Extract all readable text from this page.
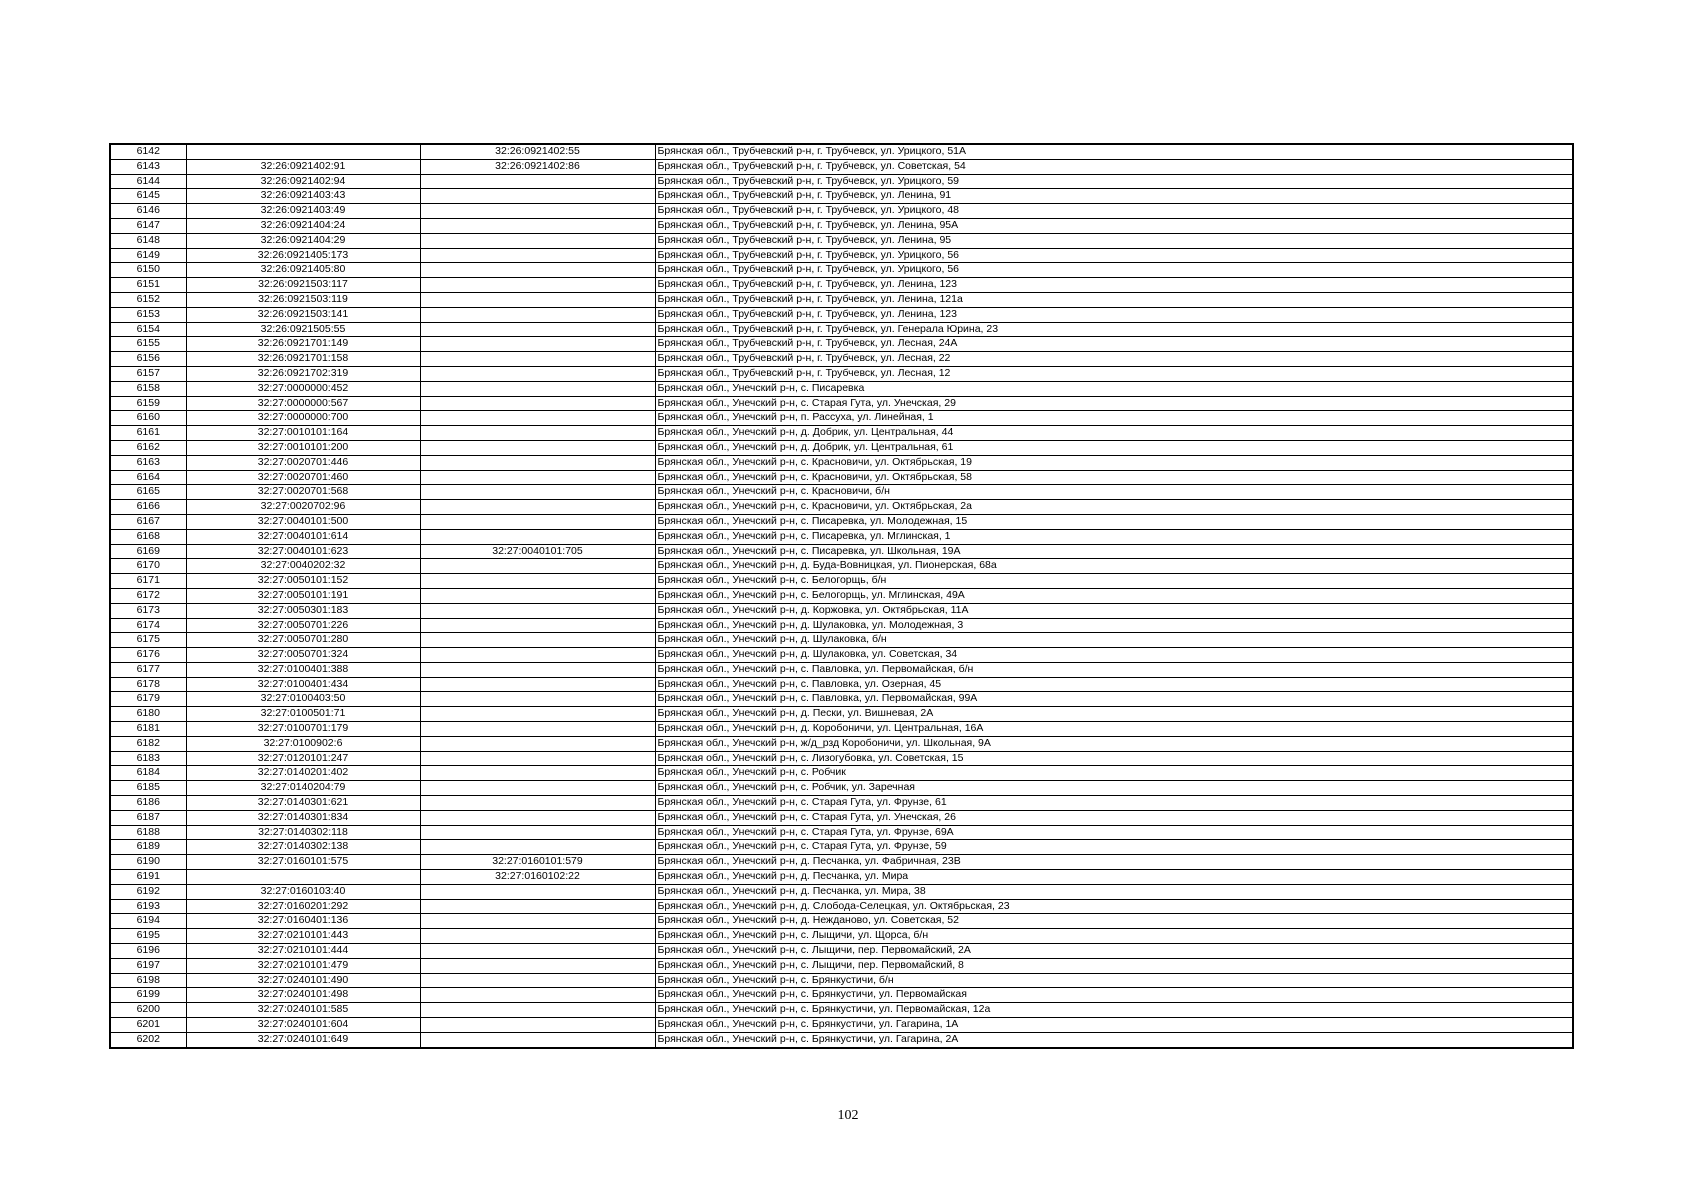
6142		32:26:0921402:55	Брянская обл., Трубчевский р-н, г. Трубчевск, ул. Урицкого, 51А
6143	32:26:0921402:91	32:26:0921402:86	Брянская обл., Трубчевский р-н, г. Трубчевск, ул. Советская, 54
6144	32:26:0921402:94		Брянская обл., Трубчевский р-н, г. Трубчевск, ул. Урицкого, 59
6145	32:26:0921403:43		Брянская обл., Трубчевский р-н, г. Трубчевск, ул. Ленина, 91
6146	32:26:0921403:49		Брянская обл., Трубчевский р-н, г. Трубчевск, ул. Урицкого, 48
6147	32:26:0921404:24		Брянская обл., Трубчевский р-н, г. Трубчевск, ул. Ленина, 95А
6148	32:26:0921404:29		Брянская обл., Трубчевский р-н, г. Трубчевск, ул. Ленина, 95
6149	32:26:0921405:173		Брянская обл., Трубчевский р-н, г. Трубчевск, ул. Урицкого, 56
6150	32:26:0921405:80		Брянская обл., Трубчевский р-н, г. Трубчевск, ул. Урицкого, 56
6151	32:26:0921503:117		Брянская обл., Трубчевский р-н, г. Трубчевск, ул. Ленина, 123
6152	32:26:0921503:119		Брянская обл., Трубчевский р-н, г. Трубчевск, ул. Ленина, 121а
6153	32:26:0921503:141		Брянская обл., Трубчевский р-н, г. Трубчевск, ул. Ленина, 123
6154	32:26:0921505:55		Брянская обл., Трубчевский р-н, г. Трубчевск, ул. Генерала Юрина, 23
6155	32:26:0921701:149		Брянская обл., Трубчевский р-н, г. Трубчевск, ул. Лесная, 24А
6156	32:26:0921701:158		Брянская обл., Трубчевский р-н, г. Трубчевск, ул. Лесная, 22
6157	32:26:0921702:319		Брянская обл., Трубчевский р-н, г. Трубчевск, ул. Лесная, 12
6158	32:27:0000000:452		Брянская обл., Унечский р-н, с. Писаревка
6159	32:27:0000000:567		Брянская обл., Унечский р-н, с. Старая Гута, ул. Унечская, 29
6160	32:27:0000000:700		Брянская обл., Унечский р-н, п. Рассуха, ул. Линейная, 1
6161	32:27:0010101:164		Брянская обл., Унечский р-н, д. Добрик, ул. Центральная, 44
6162	32:27:0010101:200		Брянская обл., Унечский р-н, д. Добрик, ул. Центральная, 61
6163	32:27:0020701:446		Брянская обл., Унечский р-н, с. Красновичи, ул. Октябрьская, 19
6164	32:27:0020701:460		Брянская обл., Унечский р-н, с. Красновичи, ул. Октябрьская, 58
6165	32:27:0020701:568		Брянская обл., Унечский р-н, с. Красновичи, б/н
6166	32:27:0020702:96		Брянская обл., Унечский р-н, с. Красновичи, ул. Октябрьская, 2а
6167	32:27:0040101:500		Брянская обл., Унечский р-н, с. Писаревка, ул. Молодежная, 15
6168	32:27:0040101:614		Брянская обл., Унечский р-н, с. Писаревка, ул. Мглинская, 1
6169	32:27:0040101:623	32:27:0040101:705	Брянская обл., Унечский р-н, с. Писаревка, ул. Школьная, 19А
6170	32:27:0040202:32		Брянская обл., Унечский р-н, д. Буда-Вовницкая, ул. Пионерская, 68а
6171	32:27:0050101:152		Брянская обл., Унечский р-н, с. Белогорщь, б/н
6172	32:27:0050101:191		Брянская обл., Унечский р-н, с. Белогорщь, ул. Мглинская, 49А
6173	32:27:0050301:183		Брянская обл., Унечский р-н, д. Коржовка, ул. Октябрьская, 11А
6174	32:27:0050701:226		Брянская обл., Унечский р-н, д. Шулаковка, ул. Молодежная, 3
6175	32:27:0050701:280		Брянская обл., Унечский р-н, д. Шулаковка, б/н
6176	32:27:0050701:324		Брянская обл., Унечский р-н, д. Шулаковка, ул. Советская, 34
6177	32:27:0100401:388		Брянская обл., Унечский р-н, с. Павловка, ул. Первомайская, б/н
6178	32:27:0100401:434		Брянская обл., Унечский р-н, с. Павловка, ул. Озерная, 45
6179	32:27:0100403:50		Брянская обл., Унечский р-н, с. Павловка, ул. Первомайская, 99А
6180	32:27:0100501:71		Брянская обл., Унечский р-н, д. Пески, ул. Вишневая, 2А
6181	32:27:0100701:179		Брянская обл., Унечский р-н, д. Коробоничи, ул. Центральная, 16А
6182	32:27:0100902:6		Брянская обл., Унечский р-н, ж/д_рзд Коробоничи, ул. Школьная, 9А
6183	32:27:0120101:247		Брянская обл., Унечский р-н, с. Лизогубовка, ул. Советская, 15
6184	32:27:0140201:402		Брянская обл., Унечский р-н, с. Робчик
6185	32:27:0140204:79		Брянская обл., Унечский р-н, с. Робчик, ул. Заречная
6186	32:27:0140301:621		Брянская обл., Унечский р-н, с. Старая Гута, ул. Фрунзе, 61
6187	32:27:0140301:834		Брянская обл., Унечский р-н, с. Старая Гута, ул. Унечская, 26
6188	32:27:0140302:118		Брянская обл., Унечский р-н, с. Старая Гута, ул. Фрунзе, 69А
6189	32:27:0140302:138		Брянская обл., Унечский р-н, с. Старая Гута, ул. Фрунзе, 59
6190	32:27:0160101:575	32:27:0160101:579	Брянская обл., Унечский р-н, д. Песчанка, ул. Фабричная, 23В
6191		32:27:0160102:22	Брянская обл., Унечский р-н, д. Песчанка, ул. Мира
6192	32:27:0160103:40		Брянская обл., Унечский р-н, д. Песчанка, ул. Мира, 38
6193	32:27:0160201:292		Брянская обл., Унечский р-н, д. Слобода-Селецкая, ул. Октябрьская, 23
6194	32:27:0160401:136		Брянская обл., Унечский р-н, д. Нежданово, ул. Советская, 52
6195	32:27:0210101:443		Брянская обл., Унечский р-н, с. Лыщичи, ул. Щорса, б/н
6196	32:27:0210101:444		Брянская обл., Унечский р-н, с. Лыщичи, пер. Первомайский, 2А
6197	32:27:0210101:479		Брянская обл., Унечский р-н, с. Лыщичи, пер. Первомайский, 8
6198	32:27:0240101:490		Брянская обл., Унечский р-н, с. Брянкустичи, б/н
6199	32:27:0240101:498		Брянская обл., Унечский р-н, с. Брянкустичи, ул. Первомайская
6200	32:27:0240101:585		Брянская обл., Унечский р-н, с. Брянкустичи, ул. Первомайская, 12а
6201	32:27:0240101:604		Брянская обл., Унечский р-н, с. Брянкустичи, ул. Гагарина, 1А
6202	32:27:0240101:649		Брянская обл., Унечский р-н, с. Брянкустичи, ул. Гагарина, 2А
102
